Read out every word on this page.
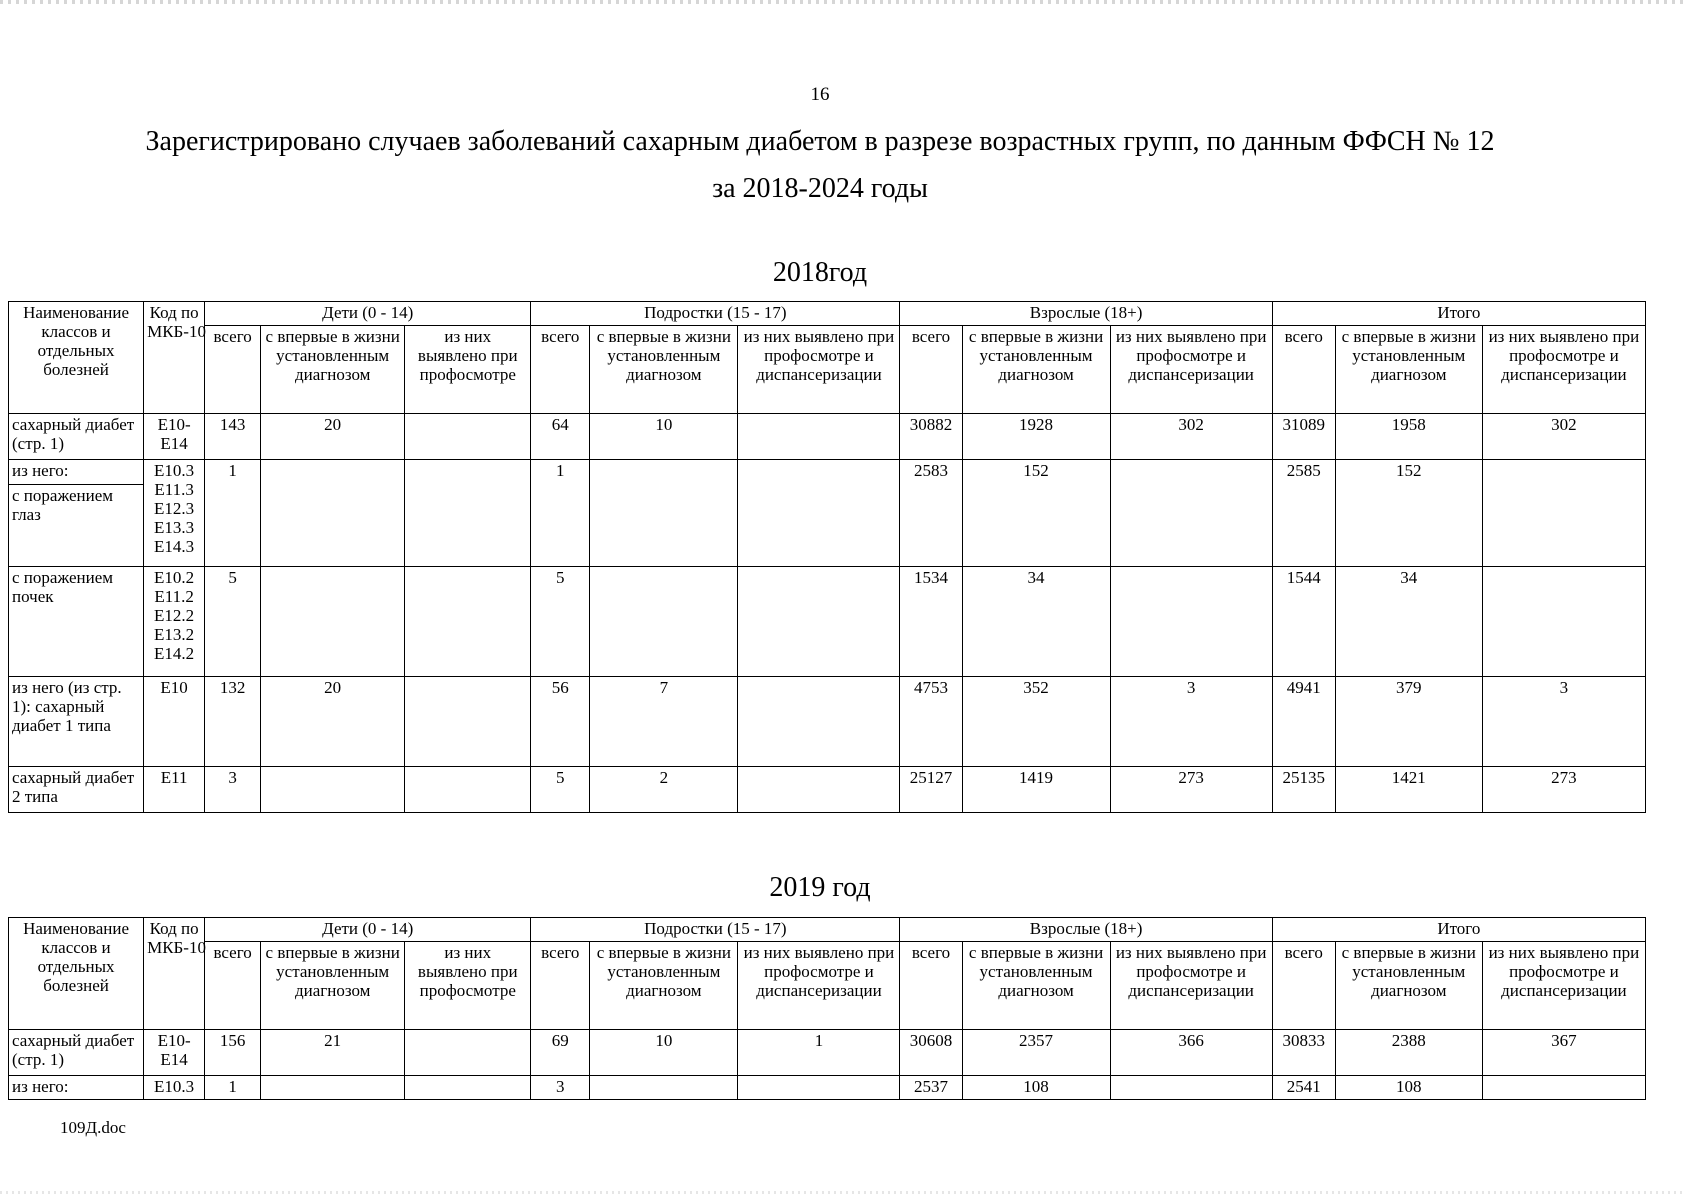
16
Зарегистрировано случаев заболеваний сахарным диабетом в разрезе возрастных групп, по данным ФФСН № 12
за 2018-2024 годы
2018год
Наименование классов и отдельных болезней	Код по МКБ-10	Дети (0 - 14)			Подростки (15 - 17)			Взрослые (18+)			Итого		
		всего	с впервые в жизни установленным диагнозом	из них выявлено при профосмотре	всего	с впервые в жизни установленным диагнозом	из них выявлено при профосмотре и диспансеризации	всего	с впервые в жизни установленным диагнозом	из них выявлено при профосмотре и диспансеризации	всего	с впервые в жизни установленным диагнозом	из них выявлено при профосмотре и диспансеризации
сахарный диабет (стр. 1)	E10-E14	143	20		64	10		30882	1928	302	31089	1958	302
из него:	E10.3 E11.3 E12.3 E13.3 E14.3	1			1			2583	152		2585	152	
с поражением глаз													
с поражением почек	E10.2 E11.2 E12.2 E13.2 E14.2	5			5			1534	34		1544	34	
из него (из стр. 1): сахарный диабет 1 типа	E10	132	20		56	7		4753	352	3	4941	379	3
сахарный диабет 2 типа	E11	3			5	2		25127	1419	273	25135	1421	273
2019 год
Наименование классов и отдельных болезней	Код по МКБ-10	Дети (0 - 14)			Подростки (15 - 17)			Взрослые (18+)			Итого		
		всего	с впервые в жизни установленным диагнозом	из них выявлено при профосмотре	всего	с впервые в жизни установленным диагнозом	из них выявлено при профосмотре и диспансеризации	всего	с впервые в жизни установленным диагнозом	из них выявлено при профосмотре и диспансеризации	всего	с впервые в жизни установленным диагнозом	из них выявлено при профосмотре и диспансеризации
сахарный диабет (стр. 1)	E10-E14	156	21		69	10	1	30608	2357	366	30833	2388	367
из него:	E10.3	1			3			2537	108		2541	108	
109Д.doc
